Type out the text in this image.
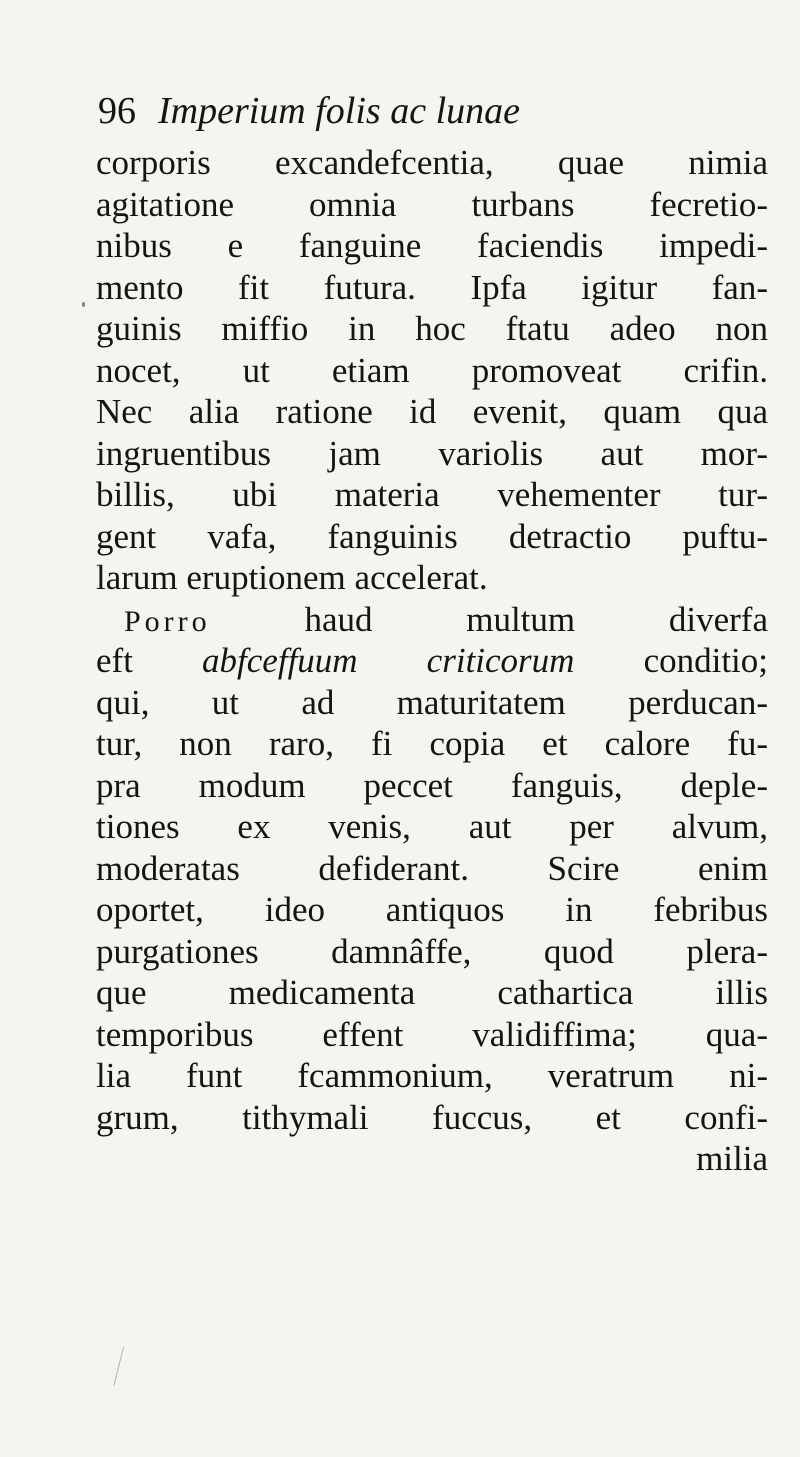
96 Imperium folis ac lunae
corporis excandefcentia, quae nimia
agitatione omnia turbans fecretio-
nibus e fanguine faciendis impedi-
mento fit futura. Ipfa igitur fan-
guinis miffio in hoc ftatu adeo non
nocet, ut etiam promoveat crifin.
Nec alia ratione id evenit, quam qua
ingruentibus jam variolis aut mor-
billis, ubi materia vehementer tur-
gent vafa, fanguinis detractio puftu-
larum eruptionem accelerat.
Porro	haud multum diverfa
eft abfceffuum criticorum conditio;
qui, ut ad maturitatem perducan-
tur, non raro, fi copia et calore fu-
pra modum peccet fanguis, deple-
tiones ex venis, aut per alvum,
moderatas defiderant. Scire enim
oportet, ideo antiquos in febribus
purgationes damnâffe, quod plera-
que medicamenta cathartica illis
temporibus effent validiffima; qua-
lia funt fcammonium, veratrum ni-
grum, tithymali fuccus, et confi-
milia
